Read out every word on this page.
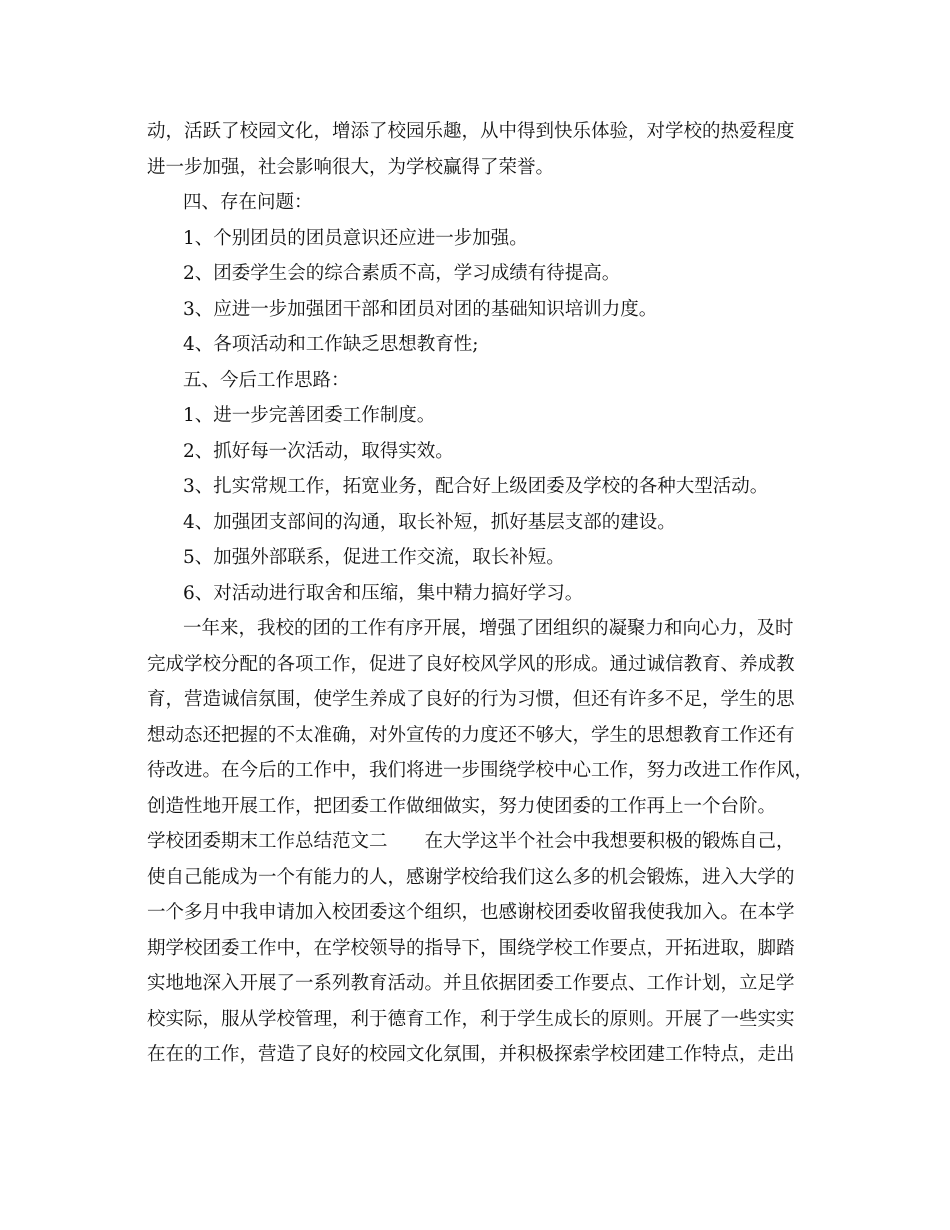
动，活跃了校园文化，增添了校园乐趣，从中得到快乐体验，对学校的热爱程度
进一步加强，社会影响很大，为学校赢得了荣誉。
四、存在问题：
1、个别团员的团员意识还应进一步加强。
2、团委学生会的综合素质不高，学习成绩有待提高。
3、应进一步加强团干部和团员对团的基础知识培训力度。
4、各项活动和工作缺乏思想教育性;
五、今后工作思路：
1、进一步完善团委工作制度。
2、抓好每一次活动，取得实效。
3、扎实常规工作，拓宽业务，配合好上级团委及学校的各种大型活动。
4、加强团支部间的沟通，取长补短，抓好基层支部的建设。
5、加强外部联系，促进工作交流，取长补短。
6、对活动进行取舍和压缩，集中精力搞好学习。
一年来，我校的团的工作有序开展，增强了团组织的凝聚力和向心力，及时
完成学校分配的各项工作，促进了良好校风学风的形成。通过诚信教育、养成教
育，营造诚信氛围，使学生养成了良好的行为习惯，但还有许多不足，学生的思
想动态还把握的不太准确，对外宣传的力度还不够大，学生的思想教育工作还有
待改进。在今后的工作中，我们将进一步围绕学校中心工作，努力改进工作作风，
创造性地开展工作，把团委工作做细做实，努力使团委的工作再上一个台阶。
学校团委期末工作总结范文二　　在大学这半个社会中我想要积极的锻炼自己，
使自己能成为一个有能力的人，感谢学校给我们这么多的机会锻炼，进入大学的
一个多月中我申请加入校团委这个组织，也感谢校团委收留我使我加入。在本学
期学校团委工作中，在学校领导的指导下，围绕学校工作要点，开拓进取，脚踏
实地地深入开展了一系列教育活动。并且依据团委工作要点、工作计划，立足学
校实际，服从学校管理，利于德育工作，利于学生成长的原则。开展了一些实实
在在的工作，营造了良好的校园文化氛围，并积极探索学校团建工作特点，走出
